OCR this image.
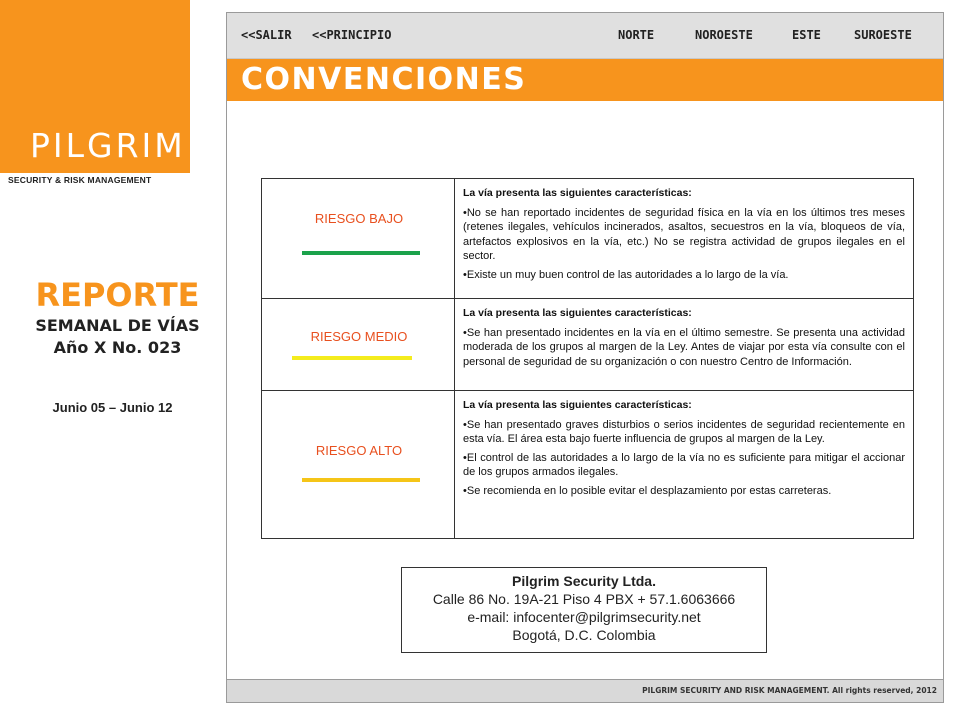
PILGRIM
SECURITY & RISK MANAGEMENT
REPORTE
SEMANAL DE VÍAS
Año X No. 023
Junio 05 – Junio 12
<<SALIR <<PRINCIPIO	NORTE	NOROESTE	ESTE	SUROESTE
CONVENCIONES
RIESGO BAJO	La vía presenta las siguientes características:

•No se han reportado incidentes de seguridad física en la vía en los últimos tres meses (retenes ilegales, vehículos incinerados, asaltos, secuestros en la vía, bloqueos de vía, artefactos explosivos en la vía, etc.) No se registra actividad de grupos ilegales en el sector.

•Existe un muy buen control de las autoridades a lo largo de la vía.

RIESGO MEDIO	La vía presenta las siguientes características:

•Se han presentado incidentes en la vía en el último semestre. Se presenta una actividad moderada de los grupos al margen de la Ley. Antes de viajar por esta vía consulte con el personal de seguridad de su organización o con nuestro Centro de Información.

RIESGO ALTO	La vía presenta las siguientes características:

•Se han presentado graves disturbios o serios incidentes de seguridad recientemente en esta vía. El área esta bajo fuerte influencia de grupos al margen de la Ley.

•El control de las autoridades a lo largo de la vía no es suficiente para mitigar el accionar de los grupos armados ilegales.

•Se recomienda en lo posible evitar el desplazamiento por estas carreteras.

Pilgrim Security Ltda.
Calle 86 No. 19A-21 Piso 4 PBX + 57.1.6063666
e-mail: infocenter@pilgrimsecurity.net
Bogotá, D.C. Colombia
PILGRIM SECURITY AND RISK MANAGEMENT. All rights reserved, 2012
